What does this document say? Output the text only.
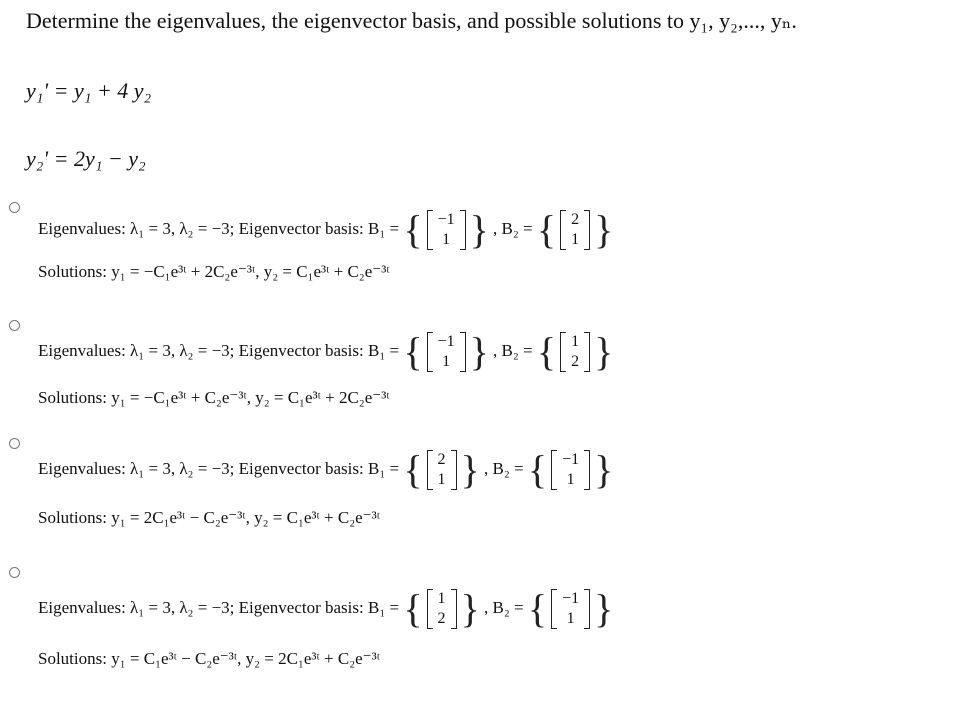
Determine the eigenvalues, the eigenvector basis, and possible solutions to y₁, y₂,..., yₙ.
y₁' = y₁ + 4 y₂
y₂' = 2y₁ − y₂
Eigenvalues: λ₁ = 3, λ₂ = −3; Eigenvector basis: B₁ = { −1
1 } , B₂ = { 2
1 }
Solutions: y₁ = −C₁e³ᵗ + 2C₂e⁻³ᵗ, y₂ = C₁e³ᵗ + C₂e⁻³ᵗ
Eigenvalues: λ₁ = 3, λ₂ = −3; Eigenvector basis: B₁ = { −1
1 } , B₂ = { 1
2 }
Solutions: y₁ = −C₁e³ᵗ + C₂e⁻³ᵗ, y₂ = C₁e³ᵗ + 2C₂e⁻³ᵗ
Eigenvalues: λ₁ = 3, λ₂ = −3; Eigenvector basis: B₁ = { 2
1 } , B₂ = { −1
1 }
Solutions: y₁ = 2C₁e³ᵗ − C₂e⁻³ᵗ, y₂ = C₁e³ᵗ + C₂e⁻³ᵗ
Eigenvalues: λ₁ = 3, λ₂ = −3; Eigenvector basis: B₁ = { 1
2 } , B₂ = { −1
1 }
Solutions: y₁ = C₁e³ᵗ − C₂e⁻³ᵗ, y₂ = 2C₁e³ᵗ + C₂e⁻³ᵗ
